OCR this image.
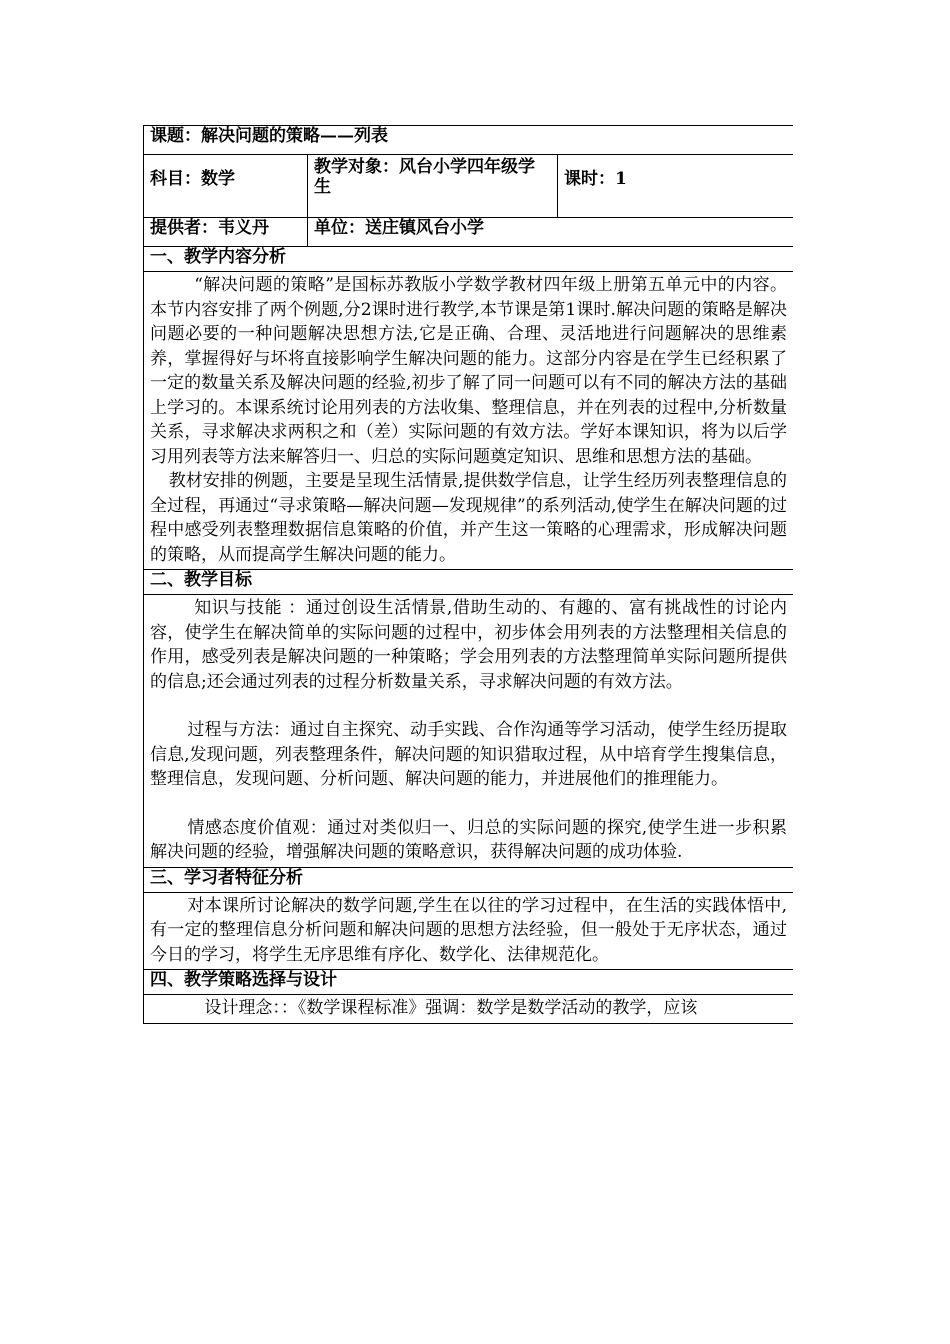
课题：解决问题的策略——列表		
科目：数学	教学对象：风台小学四年级学生	课时：1
提供者：韦义丹	单位：送庄镇风台小学	
一、教学内容分析		

“解决问题的策略”是国标苏教版小学数学教材四年级上册第五单元中的内容。本节内容安排了两个例题,分2课时进行教学,本节课是第1课时.解决问题的策略是解决问题必要的一种问题解决思想方法,它是正确、合理、灵活地进行问题解决的思维素养，掌握得好与坏将直接影响学生解决问题的能力。这部分内容是在学生已经积累了一定的数量关系及解决问题的经验,初步了解了同一问题可以有不同的解决方法的基础上学习的。本课系统讨论用列表的方法收集、整理信息，并在列表的过程中,分析数量关系，寻求解决求两积之和（差）实际问题的有效方法。学好本课知识，将为以后学习用列表等方法来解答归一、归总的实际问题奠定知识、思维和思想方法的基础。

教材安排的例题，主要是呈现生活情景,提供数学信息，让学生经历列表整理信息的全过程，再通过“寻求策略—解决问题—发现规律”的系列活动,使学生在解决问题的过程中感受列表整理数据信息策略的价值，并产生这一策略的心理需求，形成解决问题的策略，从而提高学生解决问题的能力。		

二、教学目标		

知识与技能 ：通过创设生活情景,借助生动的、有趣的、富有挑战性的讨论内容，使学生在解决简单的实际问题的过程中，初步体会用列表的方法整理相关信息的作用，感受列表是解决问题的一种策略；学会用列表的方法整理简单实际问题所提供的信息;还会通过列表的过程分析数量关系，寻求解决问题的有效方法。

过程与方法：通过自主探究、动手实践、合作沟通等学习活动，使学生经历提取信息,发现问题，列表整理条件，解决问题的知识猎取过程，从中培育学生搜集信息，整理信息，发现问题、分析问题、解决问题的能力，并进展他们的推理能力。

情感态度价值观：通过对类似归一、归总的实际问题的探究,使学生进一步积累解决问题的经验，增强解决问题的策略意识，获得解决问题的成功体验.		

三、学习者特征分析		

对本课所讨论解决的数学问题,学生在以往的学习过程中，在生活的实践体悟中,有一定的整理信息分析问题和解决问题的思想方法经验，但一般处于无序状态，通过今日的学习，将学生无序思维有序化、数学化、法律规范化。		

四、教学策略选择与设计		

设计理念：：《数学课程标准》强调：数学是数学活动的教学，应该		
